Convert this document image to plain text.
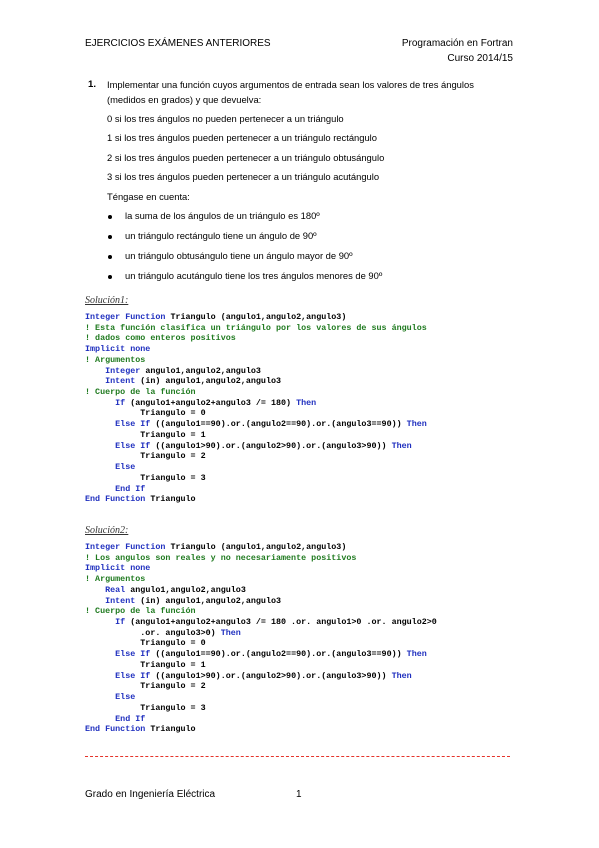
EJERCICIOS EXÁMENES ANTERIORES	Programación en Fortran
Curso 2014/15
1. Implementar una función cuyos argumentos de entrada sean los valores de tres ángulos
(medidos en grados) y que devuelva:
0 si los tres ángulos no pueden pertenecer a un triángulo
1 si los tres ángulos pueden pertenecer a un triángulo rectángulo
2 si los tres ángulos pueden pertenecer a un triángulo obtusángulo
3 si los tres ángulos pueden pertenecer a un triángulo acutángulo
Téngase en cuenta:
la suma de los ángulos de un triángulo es 180º
un triángulo rectángulo tiene un ángulo de 90º
un triángulo obtusángulo tiene un ángulo mayor de 90º
un triángulo acutángulo tiene los tres ángulos menores de 90º
Solución1:
Integer Function Triangulo (angulo1,angulo2,angulo3)
! Esta función clasifica un triángulo por los valores de sus ángulos
! dados como enteros positivos
Implicit none
! Argumentos
Integer angulo1,angulo2,angulo3
Intent (in) angulo1,angulo2,angulo3
! Cuerpo de la función
If (angulo1+angulo2+angulo3 /= 180) Then
Triangulo = 0
Else If ((angulo1==90).or.(angulo2==90).or.(angulo3==90)) Then
Triangulo = 1
Else If ((angulo1>90).or.(angulo2>90).or.(angulo3>90)) Then
Triangulo = 2
Else
Triangulo = 3
End If
End Function Triangulo
Solución2:
Integer Function Triangulo (angulo1,angulo2,angulo3)
! Los angulos son reales y no necesariamente positivos
Implicit none
! Argumentos
Real angulo1,angulo2,angulo3
Intent (in) angulo1,angulo2,angulo3
! Cuerpo de la función
If (angulo1+angulo2+angulo3 /= 180 .or. angulo1>0 .or. angulo2>0
.or. angulo3>0) Then
Triangulo = 0
Else If ((angulo1==90).or.(angulo2==90).or.(angulo3==90)) Then
Triangulo = 1
Else If ((angulo1>90).or.(angulo2>90).or.(angulo3>90)) Then
Triangulo = 2
Else
Triangulo = 3
End If
End Function Triangulo
Grado en Ingeniería Eléctrica	1
